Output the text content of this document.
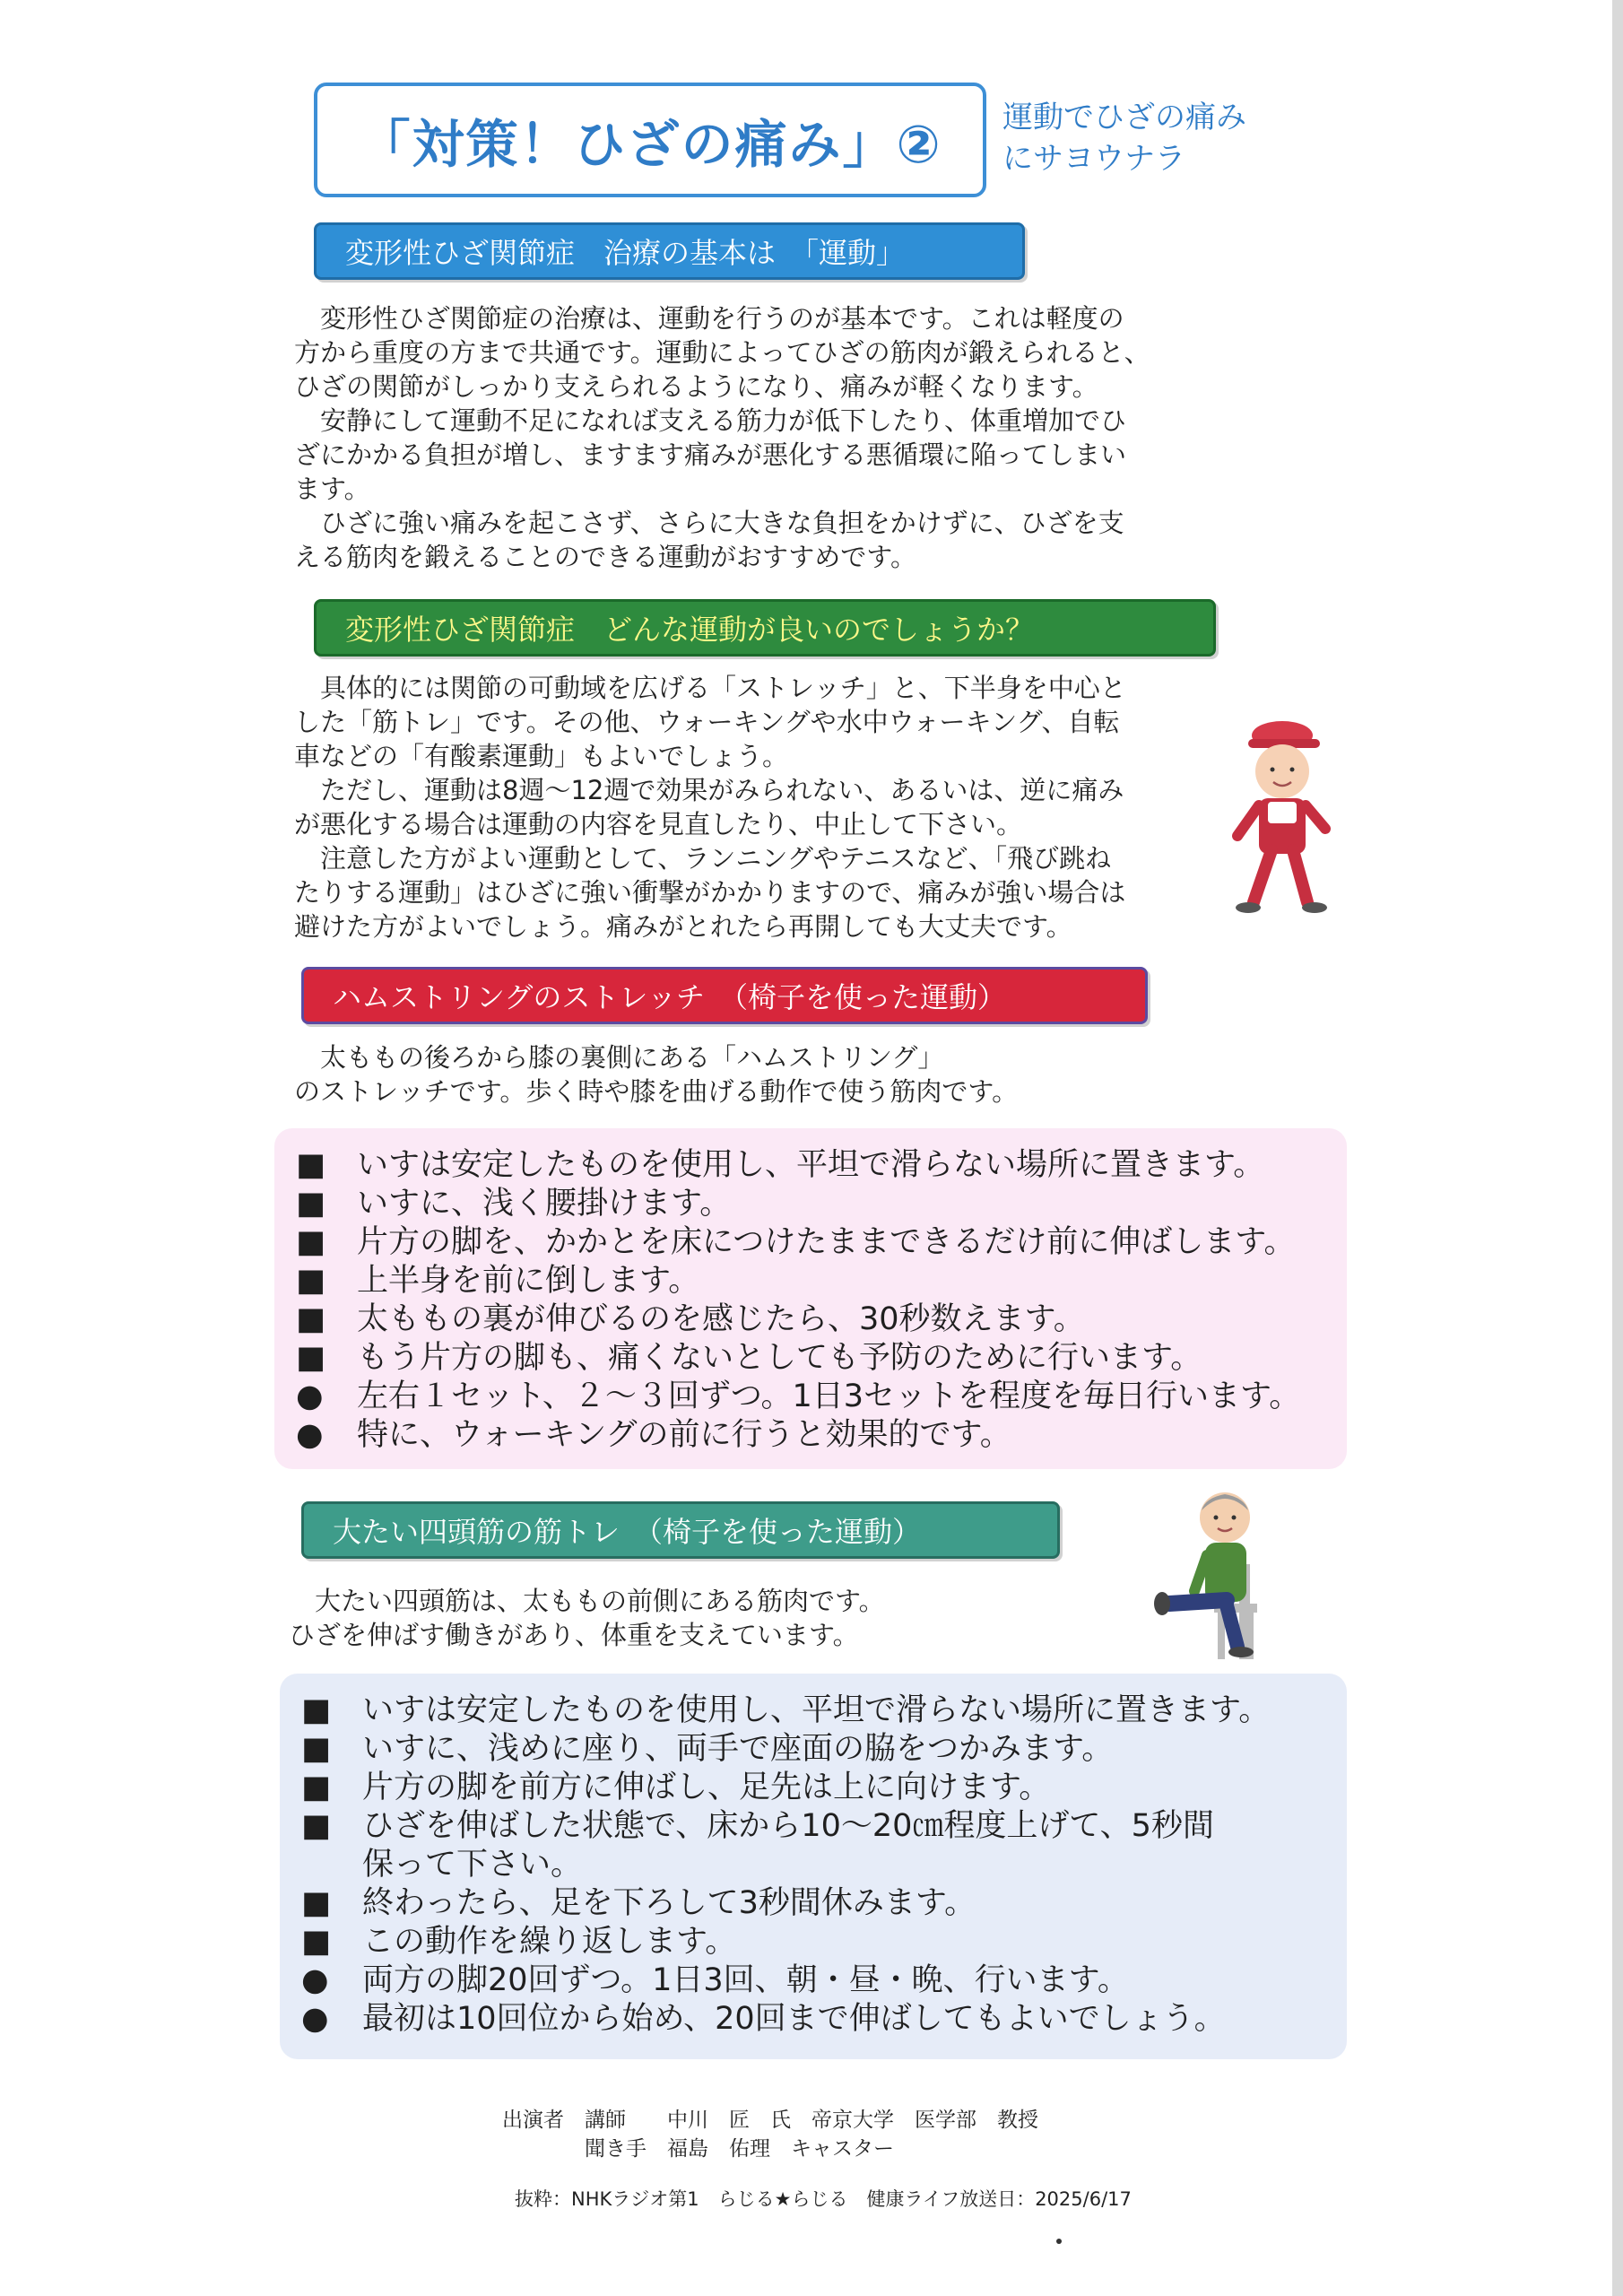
「対策！ひざの痛み」② 運動でひざの痛み
にサヨウナラ
変形性ひざ関節症　治療の基本は　「運動」
　変形性ひざ関節症の治療は、運動を行うのが基本です。これは軽度の
方から重度の方まで共通です。運動によってひざの筋肉が鍛えられると、
ひざの関節がしっかり支えられるようになり、痛みが軽くなります。
　安静にして運動不足になれば支える筋力が低下したり、体重増加でひ
ざにかかる負担が増し、ますます痛みが悪化する悪循環に陥ってしまい
ます。
　ひざに強い痛みを起こさず、さらに大きな負担をかけずに、ひざを支
える筋肉を鍛えることのできる運動がおすすめです。
変形性ひざ関節症　どんな運動が良いのでしょうか？
　具体的には関節の可動域を広げる「ストレッチ」と、下半身を中心と
した「筋トレ」です。その他、ウォーキングや水中ウォーキング、自転
車などの「有酸素運動」もよいでしょう。
　ただし、運動は8週～12週で効果がみられない、あるいは、逆に痛み
が悪化する場合は運動の内容を見直したり、中止して下さい。
　注意した方がよい運動として、ランニングやテニスなど、「飛び跳ね
たりする運動」はひざに強い衝撃がかかりますので、痛みが強い場合は
避けた方がよいでしょう。痛みがとれたら再開しても大丈夫です。
ハムストリングのストレッチ　（椅子を使った運動）
　太ももの後ろから膝の裏側にある「ハムストリング」
のストレッチです。歩く時や膝を曲げる動作で使う筋肉です。
■ いすは安定したものを使用し、平坦で滑らない場所に置きます。
■ いすに、浅く腰掛けます。
■ 片方の脚を、かかとを床につけたままできるだけ前に伸ばします。
■ 上半身を前に倒します。
■ 太ももの裏が伸びるのを感じたら、30秒数えます。
■ もう片方の脚も、痛くないとしても予防のために行います。
●	左右１セット、２～３回ずつ。1日3セットを程度を毎日行います。
●	特に、ウォーキングの前に行うと効果的です。
大たい四頭筋の筋トレ　（椅子を使った運動）
　大たい四頭筋は、太ももの前側にある筋肉です。
ひざを伸ばす働きがあり、体重を支えています。
■ いすは安定したものを使用し、平坦で滑らない場所に置きます。
■ いすに、浅めに座り、両手で座面の脇をつかみます。
■ 片方の脚を前方に伸ばし、足先は上に向けます。
■ ひざを伸ばした状態で、床から10～20㎝程度上げて、5秒間
保って下さい。
■ 終わったら、足を下ろして3秒間休みます。
■ この動作を繰り返します。
●	両方の脚20回ずつ。1日3回、朝・昼・晩、行います。
●	最初は10回位から始め、20回まで伸ばしてもよいでしょう。
出演者　講師　　中川　匠　氏　帝京大学　医学部　教授
　　　　聞き手　福島　佑理　キャスター
抜粋：NHKラジオ第1　らじる★らじる　健康ライフ放送日：2025/6/17
